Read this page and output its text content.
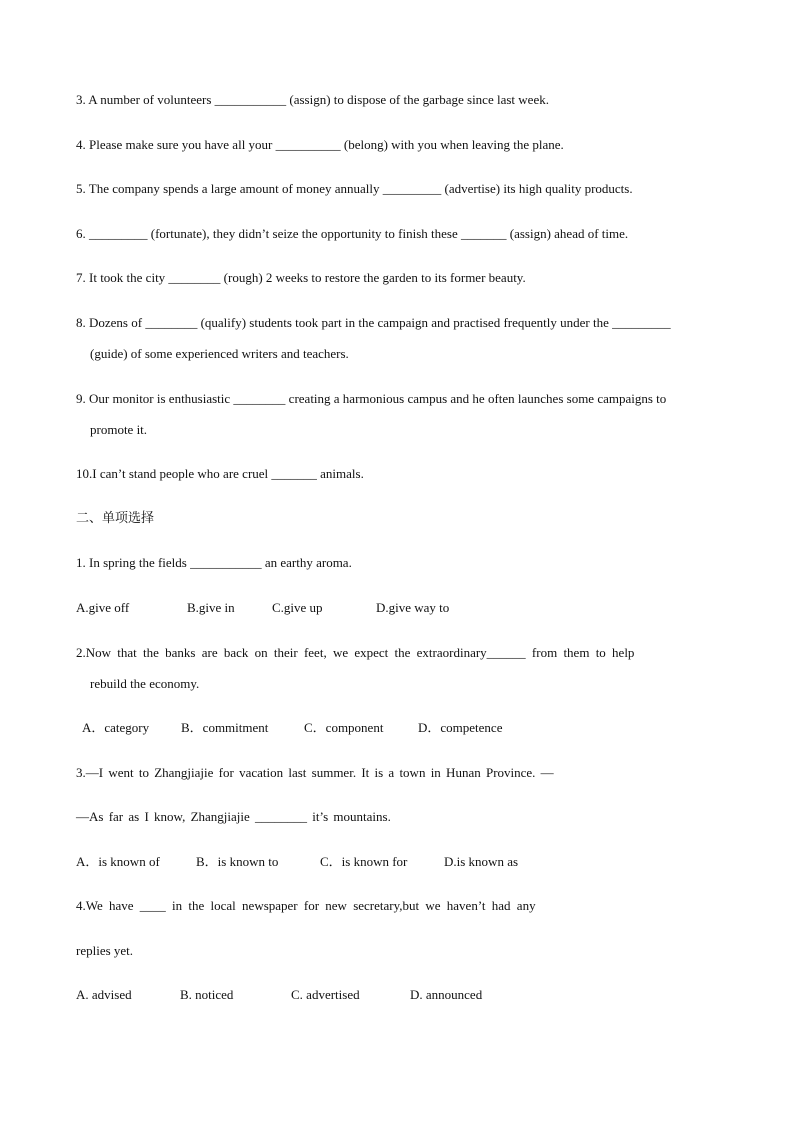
3. A number of volunteers ___________ (assign) to dispose of the garbage since last week.
4. Please make sure you have all your __________ (belong) with you when leaving the plane.
5. The company spends a large amount of money annually _________ (advertise) its high quality products.
6. _________ (fortunate), they didn’t seize the opportunity to finish these _______ (assign) ahead of time.
7. It took the city ________ (rough) 2 weeks to restore the garden to its former beauty.
8. Dozens of ________ (qualify) students took part in the campaign and practised frequently under the _________
(guide) of some experienced writers and teachers.
9. Our monitor is enthusiastic ________ creating a harmonious campus and he often launches some campaigns to
promote it.
10.I can’t stand people who are cruel _______ animals.
二、单项选择
1. In spring the fields ___________ an earthy aroma.
A.give off	B.give in	C.give up	D.give way to
2.Now that the banks are back on their feet, we expect the extraordinary______ from them to help
rebuild the economy.
A．category B．commitment	C．component	D．competence
3.—I went to Zhangjiajie for vacation last summer. It is a town in Hunan Province. —
—As far as I know, Zhangjiajie ________ it’s mountains.
A．is known of	B．is known to	C．is known for	D.is known as
4.We have ____ in the local newspaper for new secretary,but we haven’t had any
replies yet.
A. advised	B. noticed	C. advertised	D. announced
